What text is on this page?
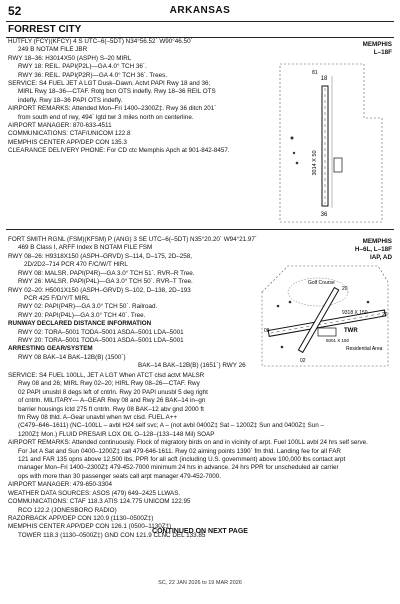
52	ARKANSAS
FORREST CITY
MEMPHIS
L–18F
HUTFLY (FCY)(KFCY) 4 S UTC–6(–5DT) N34°56.52´ W90°46.50´
249 B NOTAM FILE JBR
RWY 18–36: H3014X50 (ASPH) S–20 MIRL
RWY 18: REIL. PAPI(P2L)—GA 4.0° TCH 36´.
RWY 36: REIL. PAPI(P2R)—GA 4.0° TCH 36´. Trees.
SERVICE: S4 FUEL JET A LGT Dusk–Dawn. Actvt PAPI Rwy 18 and 36;
MIRL Rwy 18–36—CTAF. Rotg bcn OTS indefly. Rwy 18–36 REIL OTS
indefly. Rwy 18–36 PAPI OTS indefly.
AIRPORT REMARKS: Attended Mon–Fri 1400–2300Z‡. Rwy 36 ditch 201´
from south end of rwy, 494´ lgtd twr 3 miles north on centerline.
AIRPORT MANAGER: 870-633-4511
COMMUNICATIONS: CTAF/UNICOM 122.8
MEMPHIS CENTER APP/DEP CON 135.3
CLEARANCE DELIVERY PHONE: For CD ctc Memphis Apch at 901-842-8457.
18
36
81
3014 X 50
MEMPHIS
H–6L, L–18F
IAP, AD
FORT SMITH RGNL (FSM)(KFSM) P (ANG) 3 SE UTC–6(–5DT) N35°20.20´ W94°21.97´
469 B Class I, ARFF Index B NOTAM FILE FSM
RWY 08–26: H9318X150 (ASPH–GRVD) S–114, D–175, 2D–258,
2D/2D2–714 PCR 470 F/C/W/T HIRL
RWY 08: MALSR. PAPI(P4R)—GA 3.0° TCH 51´. RVR–R Tree.
RWY 26: MALSR. PAPI(P4L)—GA 3.0° TCH 50´. RVR–T Tree.
RWY 02–20: H5001X150 (ASPH–GRVD) S–102, D–138, 2D–193
PCR 425 F/D/Y/T MIRL
RWY 02: PAPI(P4R)—GA 3.0° TCH 50´. Railroad.
RWY 20: PAPI(P4L)—GA 3.0° TCH 40´. Tree.
RUNWAY DECLARED DISTANCE INFORMATION
RWY 02: TORA–5001 TODA–5001 ASDA–5001 LDA–5001
RWY 20: TORA–5001 TODA–5001 ASDA–5001 LDA–5001
ARRESTING GEAR/SYSTEM
RWY 08 BAK–14 BAK–12B(B) (1500´)
BAK–14 BAK–12B(B) (1651´) RWY 26
SERVICE: S4 FUEL 100LL, JET A LGT When ATCT clsd actvt MALSR
Rwy 08 and 26; MIRL Rwy 02–20; HIRL Rwy 08–26—CTAF. Rwy
02 PAPI unusbl 8 degs left of cntrln. Rwy 20 PAPI unusbl 5 deg right
of cntrln. MILITARY— A–GEAR Rwy 08 and Rwy 26 BAK–14 in–gn
barrier housings lctd 275 ft cntrln. Rwy 08 BAK–12 abv gnd 2000 ft
fm Rwy 08 thld. A–Gear unavbl when twr clsd. FUEL A++
(C479–646–1611) (NC–100LL – avbl H24 self svc; A – (not avbl 0400Z‡ Sat – 1200Z‡ Sun and 0400Z‡ Sun –
1200Z‡ Mon.) FLUID PRESAIR LOX OIL O–128–(133–148 Mil) SOAP
AIRPORT REMARKS: Attended continuously. Flock of migratory birds on and in vicinity of arpt. Fuel 100LL avbl 24 hrs self serve.
For Jet A Sat and Sun 0400–1200Z‡ call 479-646-1611. Rwy 02 aiming points 1390´ fm thld. Landing fee for all FAR
121 and FAR 135 opns above 12,500 lbs. PPR for all acft (including U.S. government) above 100,000 lbs contact arpt
manager Mon–Fri 1400–2300Z‡ 479-452-7000 minimum 24 hrs in advance. 24 hrs PPR for unscheduled air carrier
ops with more than 30 passenger seats call arpt manager 479-452-7000.
AIRPORT MANAGER: 479-650-3304
WEATHER DATA SOURCES: ASOS (479) 649–2425 LLWAS.
COMMUNICATIONS: CTAF 118.3 ATIS 124.775 UNICOM 122.95
RCO 122.2 (JONESBORO RADIO)
RAZORBACK APP/DEP CON 120.9 (1130–0500Z‡)
MEMPHIS CENTER APP/DEP CON 126.1 (0500–1130Z‡)
TOWER 118.3 (1130–0500Z‡) GND CON 121.9 CLNC DEL 133.85
Golf Course
9318 X 150
5001 X 150
08
26
02
20
TWR
Residential Area
CONTINUED ON NEXT PAGE
SC, 22 JAN 2026 to 19 MAR 2026
